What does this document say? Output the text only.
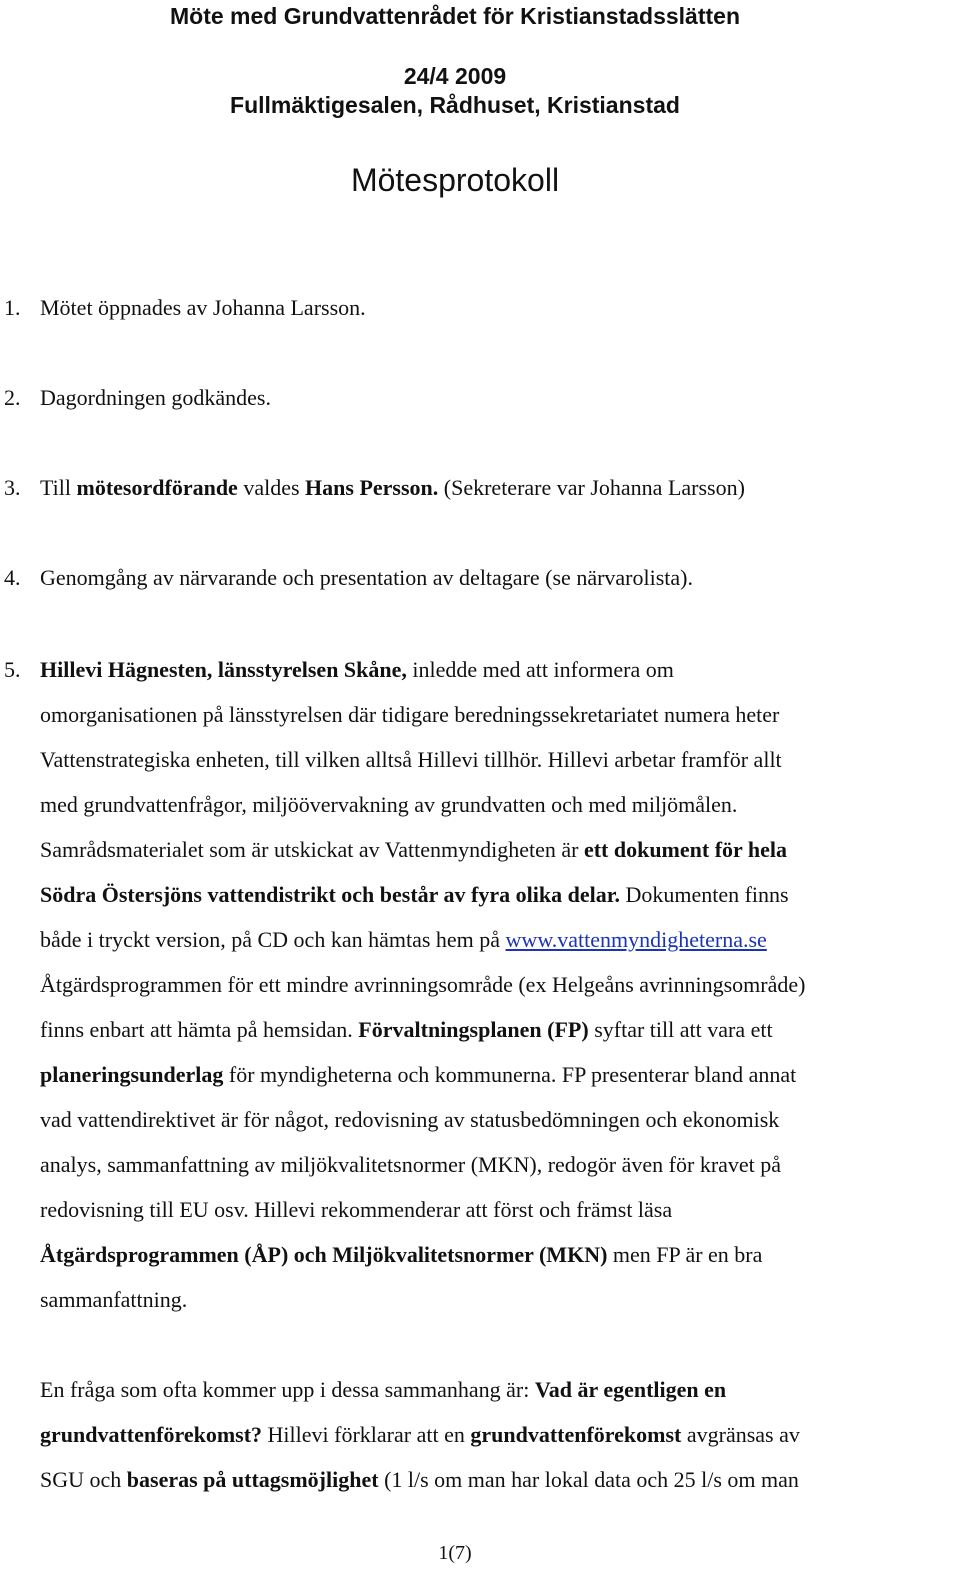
Möte med Grundvattenrådet för Kristianstadsslätten
24/4 2009
Fullmäktigesalen, Rådhuset, Kristianstad
Mötesprotokoll
1. Mötet öppnades av Johanna Larsson.
2. Dagordningen godkändes.
3. Till mötesordförande valdes Hans Persson. (Sekreterare var Johanna Larsson)
4. Genomgång av närvarande och presentation av deltagare (se närvarolista).
5. Hillevi Hägnesten, länsstyrelsen Skåne, inledde med att informera om
omorganisationen på länsstyrelsen där tidigare beredningssekretariatet numera heter
Vattenstrategiska enheten, till vilken alltså Hillevi tillhör. Hillevi arbetar framför allt
med grundvattenfrågor, miljöövervakning av grundvatten och med miljömålen.
Samrådsmaterialet som är utskickat av Vattenmyndigheten är ett dokument för hela
Södra Östersjöns vattendistrikt och består av fyra olika delar. Dokumenten finns
både i tryckt version, på CD och kan hämtas hem på www.vattenmyndigheterna.se
Åtgärdsprogrammen för ett mindre avrinningsområde (ex Helgeåns avrinningsområde)
finns enbart att hämta på hemsidan. Förvaltningsplanen (FP) syftar till att vara ett
planeringsunderlag för myndigheterna och kommunerna. FP presenterar bland annat
vad vattendirektivet är för något, redovisning av statusbedömningen och ekonomisk
analys, sammanfattning av miljökvalitetsnormer (MKN), redogör även för kravet på
redovisning till EU osv. Hillevi rekommenderar att först och främst läsa
Åtgärdsprogrammen (ÅP) och Miljökvalitetsnormer (MKN) men FP är en bra
sammanfattning.
En fråga som ofta kommer upp i dessa sammanhang är: Vad är egentligen en
grundvattenförekomst? Hillevi förklarar att en grundvattenförekomst avgränsas av
SGU och baseras på uttagsmöjlighet (1 l/s om man har lokal data och 25 l/s om man
1(7)
